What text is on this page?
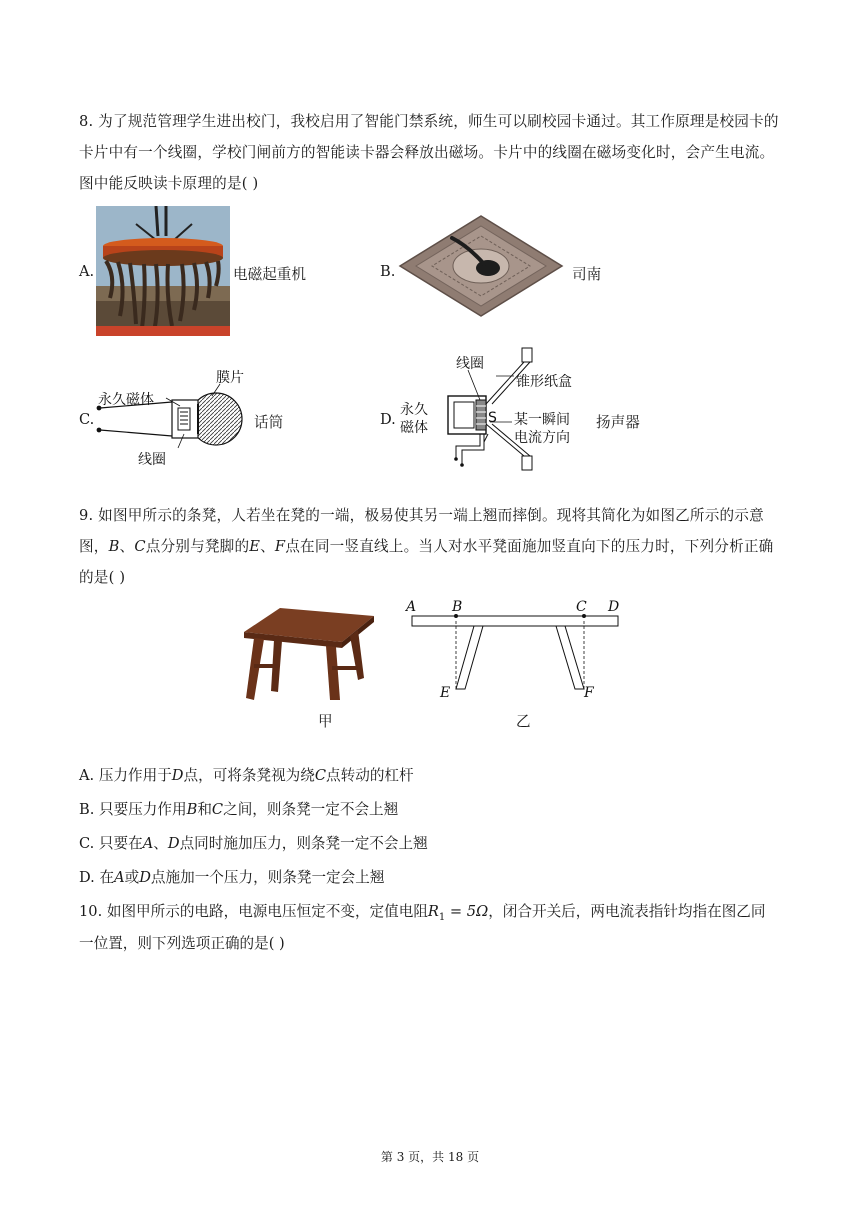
8. 为了规范管理学生进出校门，我校启用了智能门禁系统，师生可以刷校园卡通过。其工作原理是校园卡的卡片中有一个线圈，学校门闸前方的智能读卡器会释放出磁场。卡片中的线圈在磁场变化时，会产生电流。图中能反映读卡原理的是( )
A.	电磁起重机	B.	司南
C.
永久磁体
膜片
线圈
话筒	D.
线圈
锥形纸盒
永久
磁体
S 某一瞬间
电流方向
扬声器
9. 如图甲所示的条凳，人若坐在凳的一端，极易使其另一端上翘而摔倒。现将其简化为如图乙所示的示意图，B、C点分别与凳脚的E、F点在同一竖直线上。当人对水平凳面施加竖直向下的压力时，下列分析正确的是( )
甲
A	B	C D
E	F
乙
A. 压力作用于D点，可将条凳视为绕C点转动的杠杆
B. 只要压力作用B和C之间，则条凳一定不会上翘
C. 只要在A、D点同时施加压力，则条凳一定不会上翘
D. 在A或D点施加一个压力，则条凳一定会上翘
10. 如图甲所示的电路，电源电压恒定不变，定值电阻$R_1 = 5\Omega$，闭合开关后，两电流表指针均指在图乙同
一位置，则下列选项正确的是( )
第 3 页，共 18 页
